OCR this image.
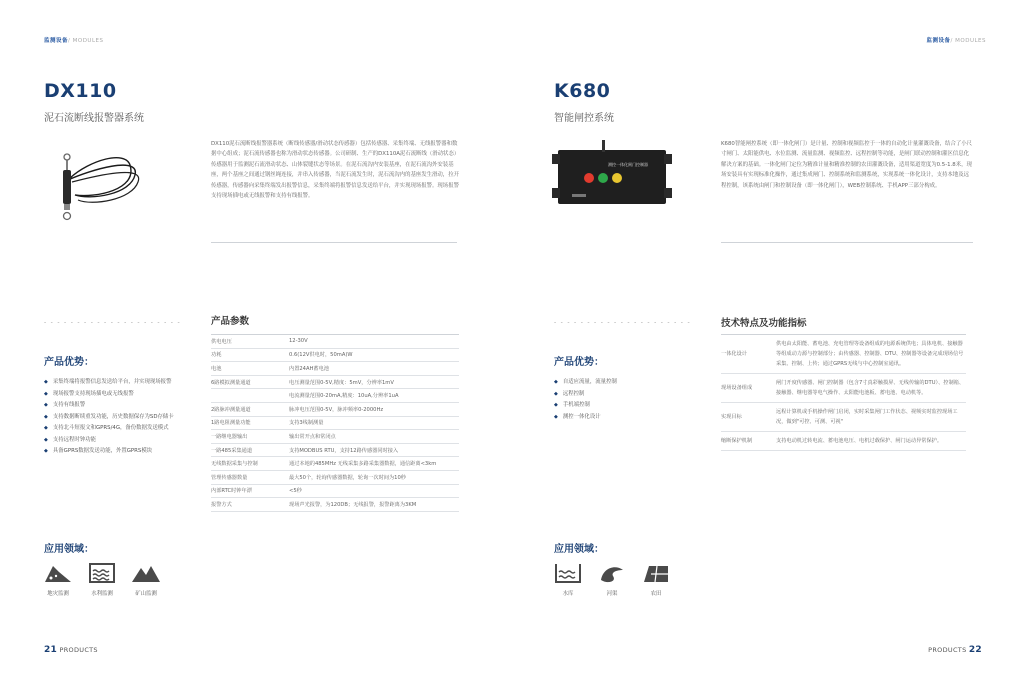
监测设备/ MODULES
DX110
泥石流断线报警器系统
DX110泥石流断线报警器系统（断线传感器/滑动状态传感器）包括传感器、采集终端、无线报警器和数据中心组成；泥石流传感器也称为滑动状态传感器。公司研制、生产的DX110A泥石流断线（滑动状态）传感器用于监测泥石流滑动状态、山体裂缝状态等场景。在泥石流沟内安装基座，在泥石流沟外安装基座，两个基座之间通过钢丝绳连接，并串入传感器，当泥石流发生时，泥石流沟内的基座发生滑动，拉开传感器，传感器向采集终端发出报警信息，采集终端将报警信息发送给平台，并实现现场报警。现场报警支持现场插电或无线报警和支持有线报警。
- - - - - - - - - - - - - - - - - - - - -
产品优势：
◆ 采集终端将报警信息发送给平台，并实现现场报警
◆ 现场报警支持现场插电或无线报警
◆ 支持有线报警
◆ 支持数据断续重发功能，历史数据保存为SD存储卡
◆ 支持北斗短报文和GPRS/4G，备份数据发送模式
◆ 支持远程时钟功能
◆ 具备GPRS数据发送功能，外置GPRS模块
产品参数
供电电压	12-30V
功耗	0.6(12V供电时，50mA)W
电池	内置24AH蓄电池
6路模拟测量通道	电压测量范围0-5V,精度：5mV，分辨率1mV
	电流测量范围0-20mA,精度：10uA,分辨率1uA
2路脉冲测量通道	脉冲电压范围0-5V，脉冲频率0-2000Hz
1路电阻测量功能	支持3线制测量
一路继电器输出	输出常开点和常闭点
一路485采集通道	支持MODBUS RTU，支持12路传感器同时接入
无线数据采集与控制	通过本地的485MHz 无线采集多路采集器数据，通信距离<3km
管理传感器数量	最大50个，轮询传感器数据，轮询一次时间为10秒
内部RTC时钟年漂	<5秒
报警方式	现场声光报警，为120DB；无线报警，报警距离为3KM
应用领域：
地灾监测	水利监测	矿山监测
21 PRODUCTS
监测设备/ MODULES
K680
智能闸控系统
测控一体化闸门控制器
K680智能闸控系统（即一体化闸门）是计量、控制和视频监控于一体的自动化计量灌溉设备，结合了小尺寸闸门、太阳能供电、水位监测、流量监测、视频监控、远程控制等功能，是闸门联动控制和灌区信息化解决方案的基础。一体化闸门定位为精准计量和精准控制的农田灌溉设备，适用渠道宽度为0.5-1.8米，现场安装具有实现标准化操作，通过集成闸门、控制系统和监测系统，实现系统一体化设计，支持本地及远程控制，该系统由闸门和控制设备（即一体化闸门），WEB控制系统、手机APP三部分构成。
- - - - - - - - - - - - - - - - - - - - -
产品优势：
◆ 自适应流量，流量控制
◆ 远程控制
◆ 手机端控制
◆ 测控一体化设计
技术特点及功能指标
一体化设计	供电由太阳能、蓄电池、充电管理等设备组成的电源系统供电；具体电机、接触器等组成动力源与控制部分；由传感器、控制器、DTU、控制器等设备完成现场信号采集、控制、上传；通过GPRS无线与中心控制室通讯。
现场设备组成	闸门开度传感器、闸门控制器（包含7寸真彩触摸屏、无线传输的DTU）、控制箱、接触器、继电器等电气操作、太阳能电池板、蓄电池、电动机等。
实现目标	远程计算机或手机操作闸门启闭，实时采集闸门工作状态、视频实时监控现场工况，做到"可控、可测、可视"
缩断保护机制	支持电动机过转电流、蓄电池电压、电机过载保护、闸门运动异常保护。
应用领域：
水库	河渠	农田
PRODUCTS 22
